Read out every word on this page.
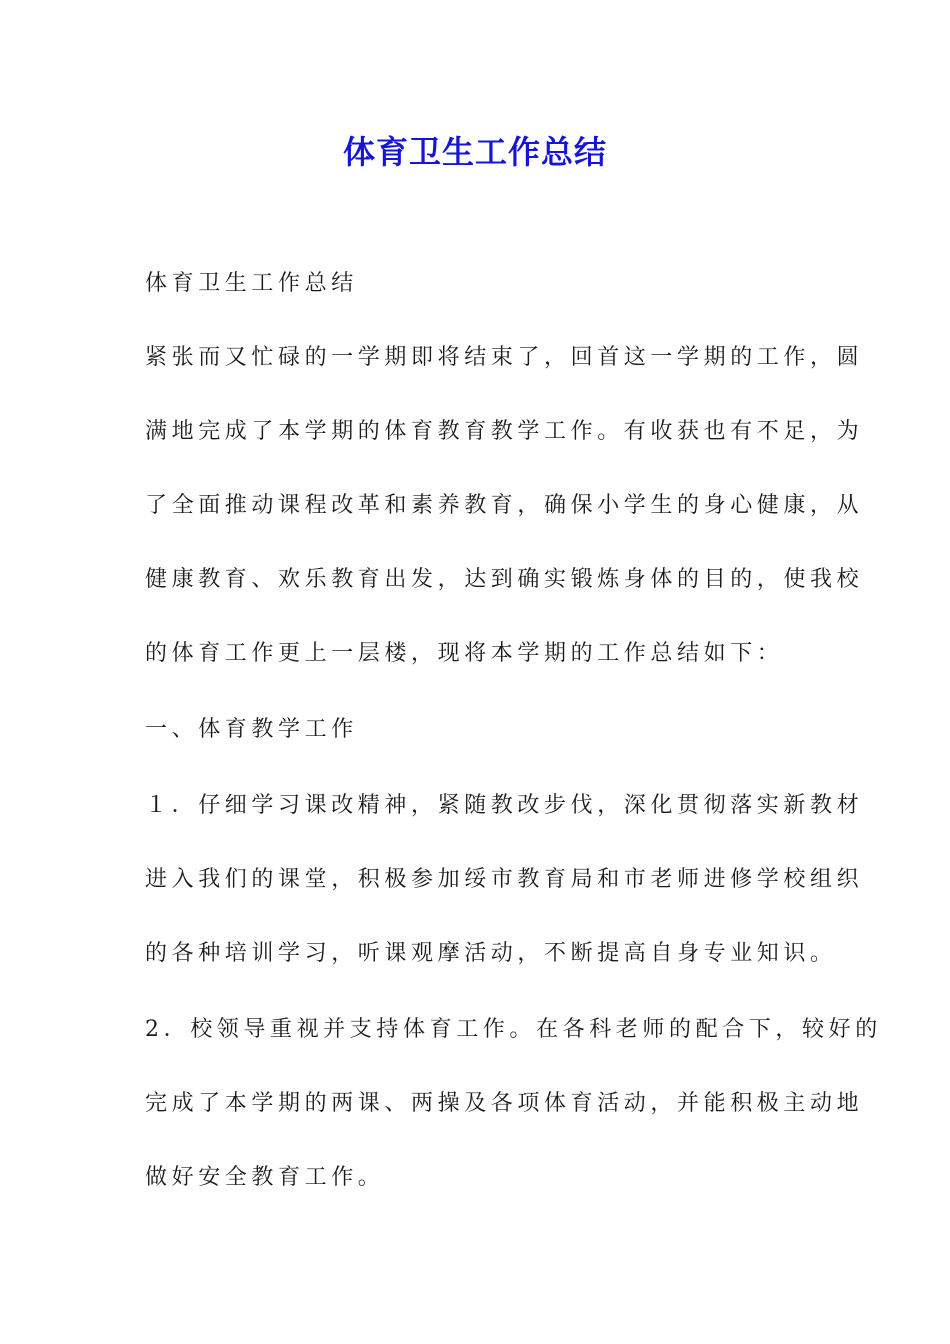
体育卫生工作总结

体育卫生工作总结

紧张而又忙碌的一学期即将结束了，回首这一学期的工作，圆

满地完成了本学期的体育教育教学工作。有收获也有不足，为

了全面推动课程改革和素养教育，确保小学生的身心健康，从

健康教育、欢乐教育出发，达到确实锻炼身体的目的，使我校

的体育工作更上一层楼，现将本学期的工作总结如下：

一、体育教学工作

１．仔细学习课改精神，紧随教改步伐，深化贯彻落实新教材

进入我们的课堂，积极参加绥市教育局和市老师进修学校组织

的各种培训学习，听课观摩活动，不断提高自身专业知识。

2．校领导重视并支持体育工作。在各科老师的配合下，较好的

完成了本学期的两课、两操及各项体育活动，并能积极主动地

做好安全教育工作。
